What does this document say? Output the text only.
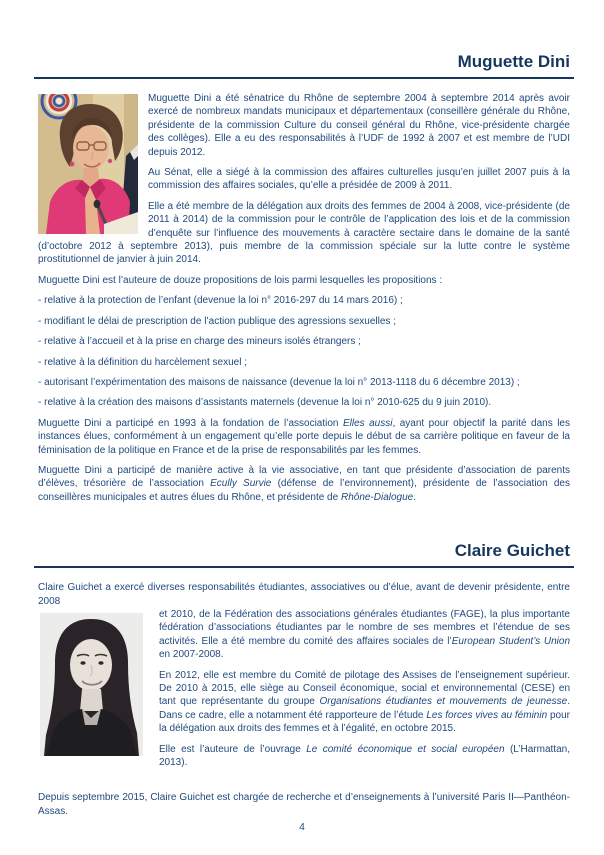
Muguette Dini

Muguette Dini a été sénatrice du Rhône de septembre 2004 à septembre 2014 après avoir exercé de nombreux mandats municipaux et départementaux (conseillère générale du Rhône, présidente de la commission Culture du conseil général du Rhône, vice-présidente chargée des collèges). Elle a eu des responsabilités à l’UDF de 1992 à 2007 et est membre de l’UDI depuis 2012.

Au Sénat, elle a siégé à la commission des affaires culturelles jusqu’en juillet 2007 puis à la commission des affaires sociales, qu’elle a présidée de 2009 à 2011.

Elle a été membre de la délégation aux droits des femmes de 2004 à 2008, vice-présidente (de 2011 à 2014) de la commission pour le contrôle de l’application des lois et de la commission d’enquête sur l’influence des mouvements à caractère sectaire dans le domaine de la santé (d’octobre 2012 à septembre 2013), puis membre de la commission spéciale sur la lutte contre le système prostitutionnel de janvier à juin 2014.

Muguette Dini est l’auteure de douze propositions de lois parmi lesquelles les propositions :

- relative à la protection de l’enfant (devenue la loi n° 2016-297 du 14 mars 2016) ;

- modifiant le délai de prescription de l’action publique des agressions sexuelles ;

- relative à l’accueil et à la prise en charge des mineurs isolés étrangers ;

- relative à la définition du harcèlement sexuel ;

- autorisant l’expérimentation des maisons de naissance (devenue la loi n° 2013-1118 du 6 décembre 2013) ;

- relative à la création des maisons d’assistants maternels (devenue la loi n° 2010-625 du 9 juin 2010).

Muguette Dini a participé en 1993 à la fondation de l’association Elles aussi, ayant pour objectif la parité dans les instances élues, conformément à un engagement qu’elle porte depuis le début de sa carrière politique en faveur de la féminisation de la politique en France et de la prise de responsabilités par les femmes.

Muguette Dini a participé de manière active à la vie associative, en tant que présidente d’association de parents d’élèves, trésorière de l’association Ecully Survie (défense de l’environnement), présidente de l’association des conseillères municipales et autres élues du Rhône, et présidente de Rhône-Dialogue.

Claire Guichet

Claire Guichet a exercé diverses responsabilités étudiantes, associatives ou d’élue, avant de devenir présidente, entre 2008

et 2010, de la Fédération des associations générales étudiantes (FAGE), la plus importante fédération d’associations étudiantes par le nombre de ses membres et l’étendue de ses activités. Elle a été membre du comité des affaires sociales de l’European Student’s Union en 2007-2008.

En 2012, elle est membre du Comité de pilotage des Assises de l’enseignement supérieur. De 2010 à 2015, elle siège au Conseil économique, social et environnemental (CESE) en tant que représentante du groupe Organisations étudiantes et mouvements de jeunesse. Dans ce cadre, elle a notamment été rapporteure de l’étude Les forces vives au féminin pour la délégation aux droits des femmes et à l’égalité, en octobre 2015.

Elle est l’auteure de l’ouvrage Le comité économique et social européen (L’Harmattan, 2013).

Depuis septembre 2015, Claire Guichet est chargée de recherche et d’enseignements à l’université Paris II—Panthéon-Assas.

4
